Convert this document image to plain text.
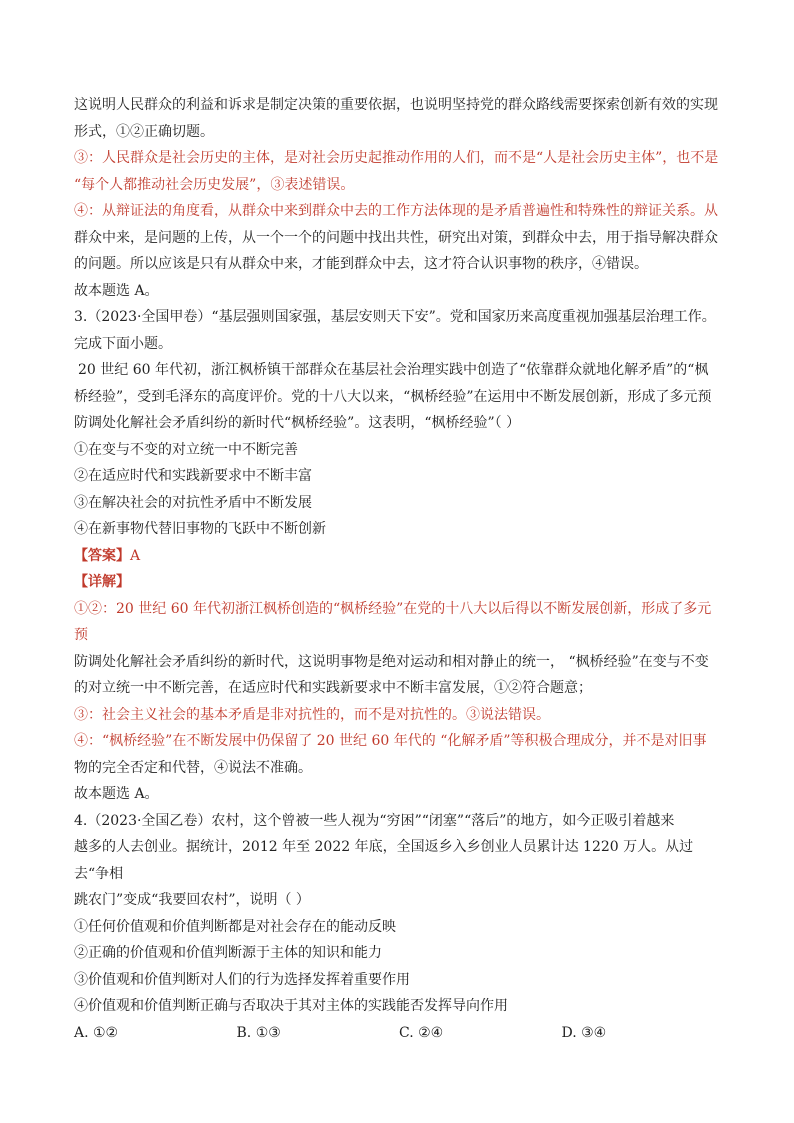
这说明人民群众的利益和诉求是制定决策的重要依据，也说明坚持党的群众路线需要探索创新有效的实现

形式，①②正确切题。

③：人民群众是社会历史的主体，是对社会历史起推动作用的人们，而不是“人是社会历史主体”，也不是

“每个人都推动社会历史发展”，③表述错误。

④：从辩证法的角度看，从群众中来到群众中去的工作方法体现的是矛盾普遍性和特殊性的辩证关系。从

群众中来，是问题的上传，从一个一个的问题中找出共性，研究出对策，到群众中去，用于指导解决群众

的问题。所以应该是只有从群众中来，才能到群众中去，这才符合认识事物的秩序，④错误。

故本题选 A。

3.（2023·全国甲卷）“基层强则国家强，基层安则天下安”。党和国家历来高度重视加强基层治理工作。

完成下面小题。

20 世纪 60 年代初，浙江枫桥镇干部群众在基层社会治理实践中创造了“依靠群众就地化解矛盾”的“枫

桥经验”，受到毛泽东的高度评价。党的十八大以来，“枫桥经验”在运用中不断发展创新，形成了多元预

防调处化解社会矛盾纠纷的新时代“枫桥经验”。这表明，“枫桥经验”（ ）

①在变与不变的对立统一中不断完善

②在适应时代和实践新要求中不断丰富

③在解决社会的对抗性矛盾中不断发展

④在新事物代替旧事物的飞跃中不断创新

【答案】A

【详解】

①②：20 世纪 60 年代初浙江枫桥创造的“枫桥经验”在党的十八大以后得以不断发展创新，形成了多元预

防调处化解社会矛盾纠纷的新时代，这说明事物是绝对运动和相对静止的统一， “枫桥经验”在变与不变

的对立统一中不断完善，在适应时代和实践新要求中不断丰富发展，①②符合题意；

③：社会主义社会的基本矛盾是非对抗性的，而不是对抗性的。③说法错误。

④：“枫桥经验”在不断发展中仍保留了 20 世纪 60 年代的 “化解矛盾”等积极合理成分，并不是对旧事

物的完全否定和代替，④说法不准确。

故本题选 A。

4.（2023·全国乙卷）农村，这个曾被一些人视为“穷困”“闭塞”“落后”的地方，如今正吸引着越来

越多的人去创业。据统计，2012 年至 2022 年底，全国返乡入乡创业人员累计达 1220 万人。从过去“争相

跳农门”变成“我要回农村”，说明（ ）

①任何价值观和价值判断都是对社会存在的能动反映

②正确的价值观和价值判断源于主体的知识和能力

③价值观和价值判断对人们的行为选择发挥着重要作用

④价值观和价值判断正确与否取决于其对主体的实践能否发挥导向作用

A. ①②	B. ①③	C. ②④	D. ③④
